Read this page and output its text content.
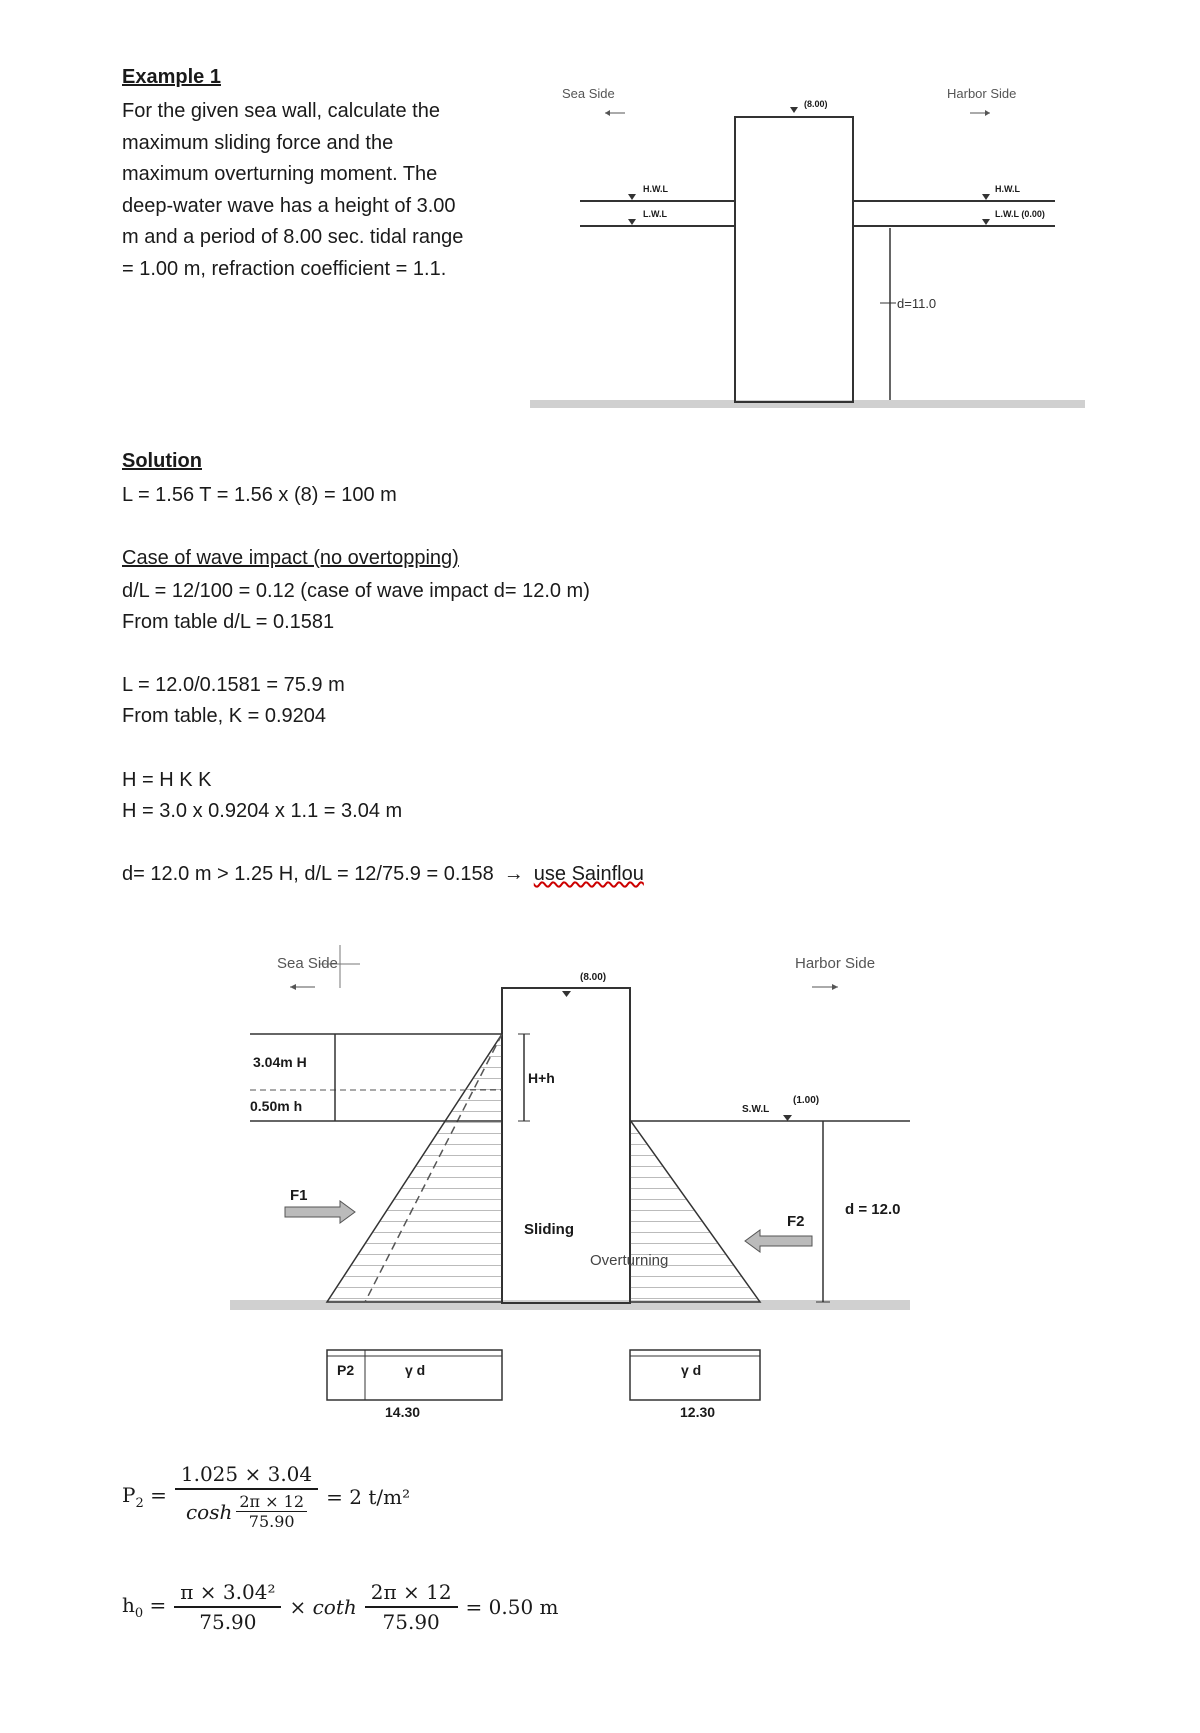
Example 1
For the given sea wall, calculate the
maximum sliding force and the
maximum overturning moment. The
deep-water wave has a height of 3.00
m and a period of 8.00 sec. tidal range
= 1.00 m, refraction coefficient = 1.1.
Sea Side	Harbor Side
(8.00)
H.W.L
L.W.L
H.W.L
L.W.L (0.00)
d=11.0
Solution
L = 1.56 T = 1.56 x (8) = 100 m
Case of wave impact (no overtopping)
d/L = 12/100 = 0.12 (case of wave impact d= 12.0 m)
From table d/L = 0.1581
L = 12.0/0.1581 = 75.9 m
From table, K = 0.9204
H = H K K
H = 3.0 x 0.9204 x 1.1 = 3.04 m
d= 12.0 m > 1.25 H, d/L = 12/75.9 = 0.158 → use Sainflou
Sea Side	Harbor Side
(8.00)
S.W.L
(1.00)
3.04m H
0.50m h
H+h
F1
F2
Sliding
Overturning
d = 12.0
P2	γ d	γ d
14.30	12.30
$P_2 = \frac{1.025 \times 3.04}{\cosh \frac{2\pi \times 12}{75.90}} = 2$ t/m²
$h_0 = \frac{\text{π × 3.04²}}{75.90} \times \cot h \frac{2\pi \times 12}{75.90} = 0.50$ m
